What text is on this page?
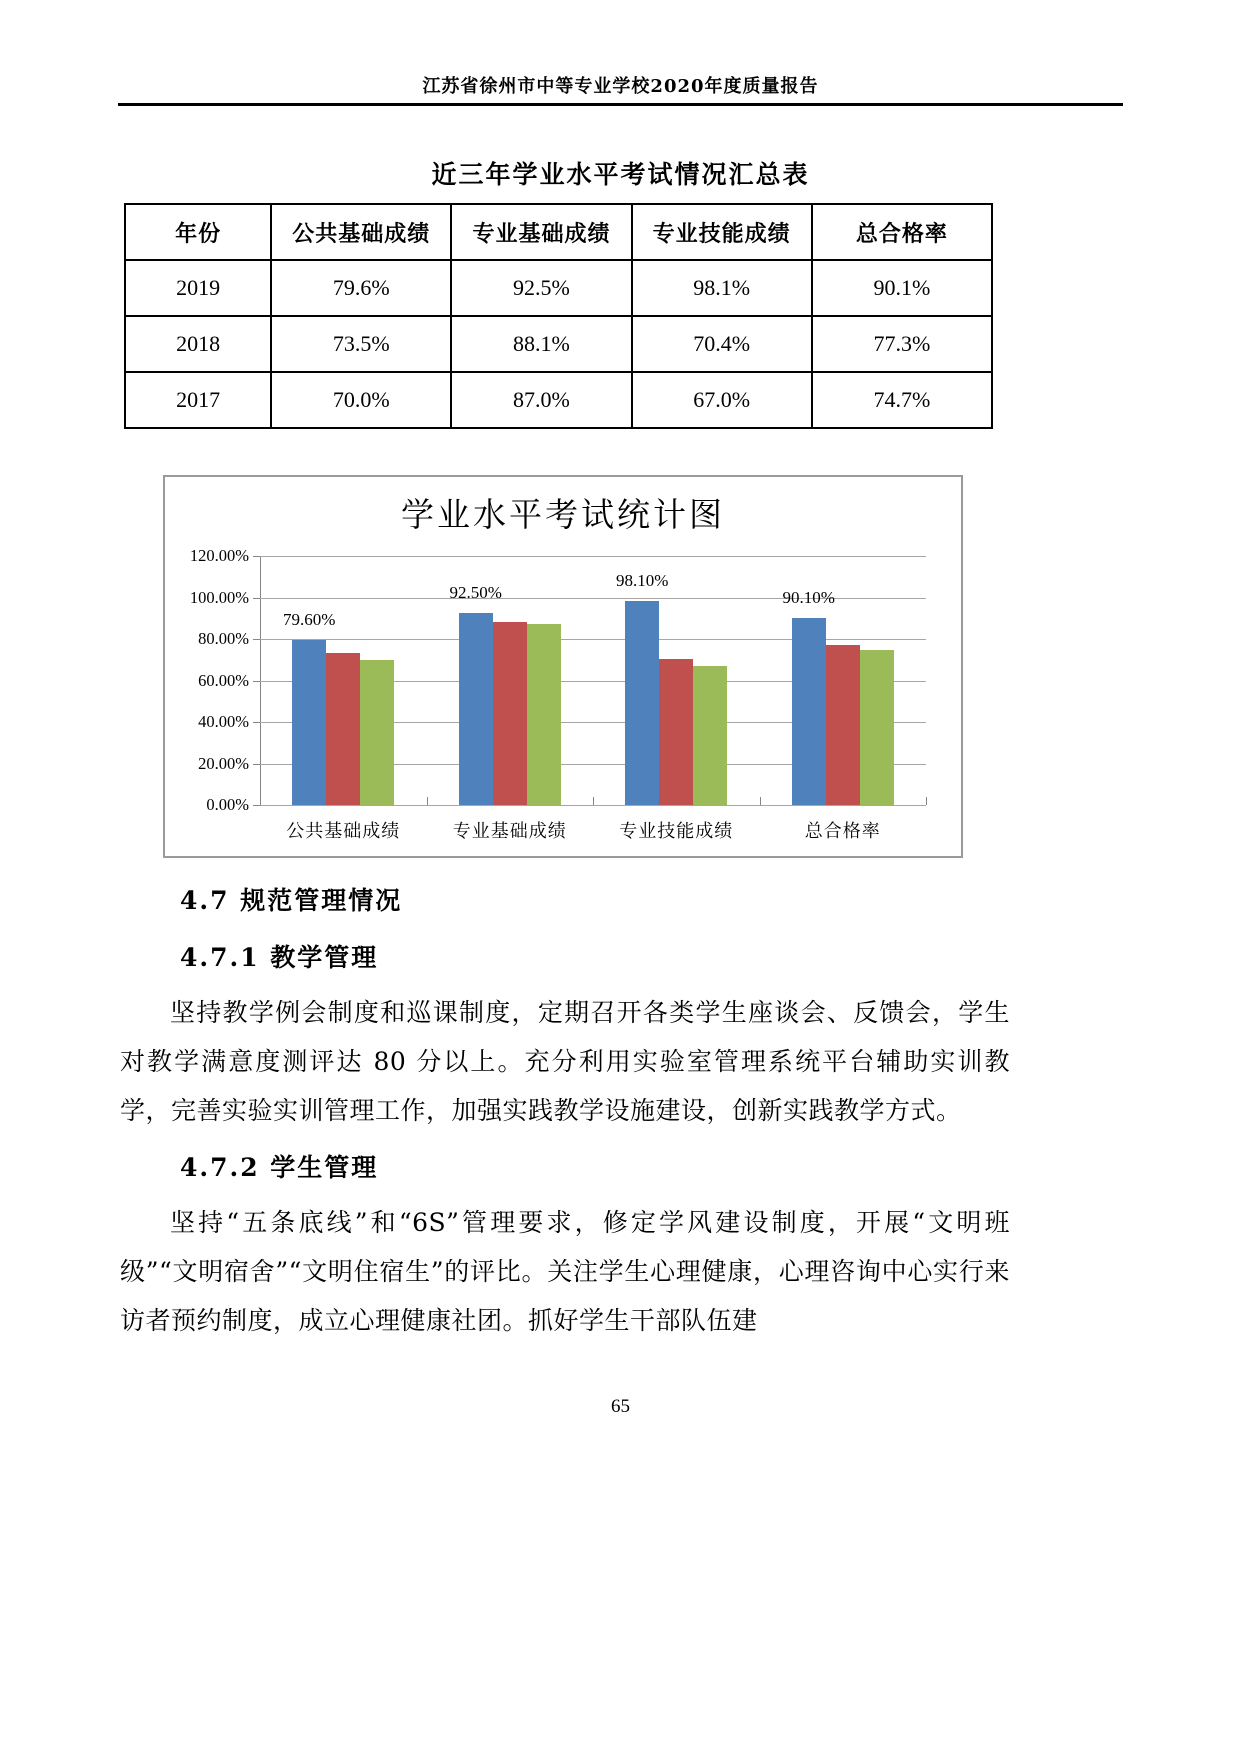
江苏省徐州市中等专业学校2020年度质量报告
近三年学业水平考试情况汇总表
年份	公共基础成绩	专业基础成绩	专业技能成绩	总合格率
2019	79.6%	92.5%	98.1%	90.1%
2018	73.5%	88.1%	70.4%	77.3%
2017	70.0%	87.0%	67.0%	74.7%
学业水平考试统计图
120.00%
100.00%
80.00%
60.00%
40.00%
20.00%
0.00%
公共基础成绩
79.60%
专业基础成绩
92.50%
专业技能成绩
98.10%
总合格率
90.10%
4.7 规范管理情况
4.7.1 教学管理

坚持教学例会制度和巡课制度，定期召开各类学生座谈会、反馈会，学生对教学满意度测评达 80 分以上。充分利用实验室管理系统平台辅助实训教学，完善实验实训管理工作，加强实践教学设施建设，创新实践教学方式。

4.7.2 学生管理

坚持“五条底线”和“6S”管理要求，修定学风建设制度，开展“文明班级”“文明宿舍”“文明住宿生”的评比。关注学生心理健康，心理咨询中心实行来访者预约制度，成立心理健康社团。抓好学生干部队伍建

65
